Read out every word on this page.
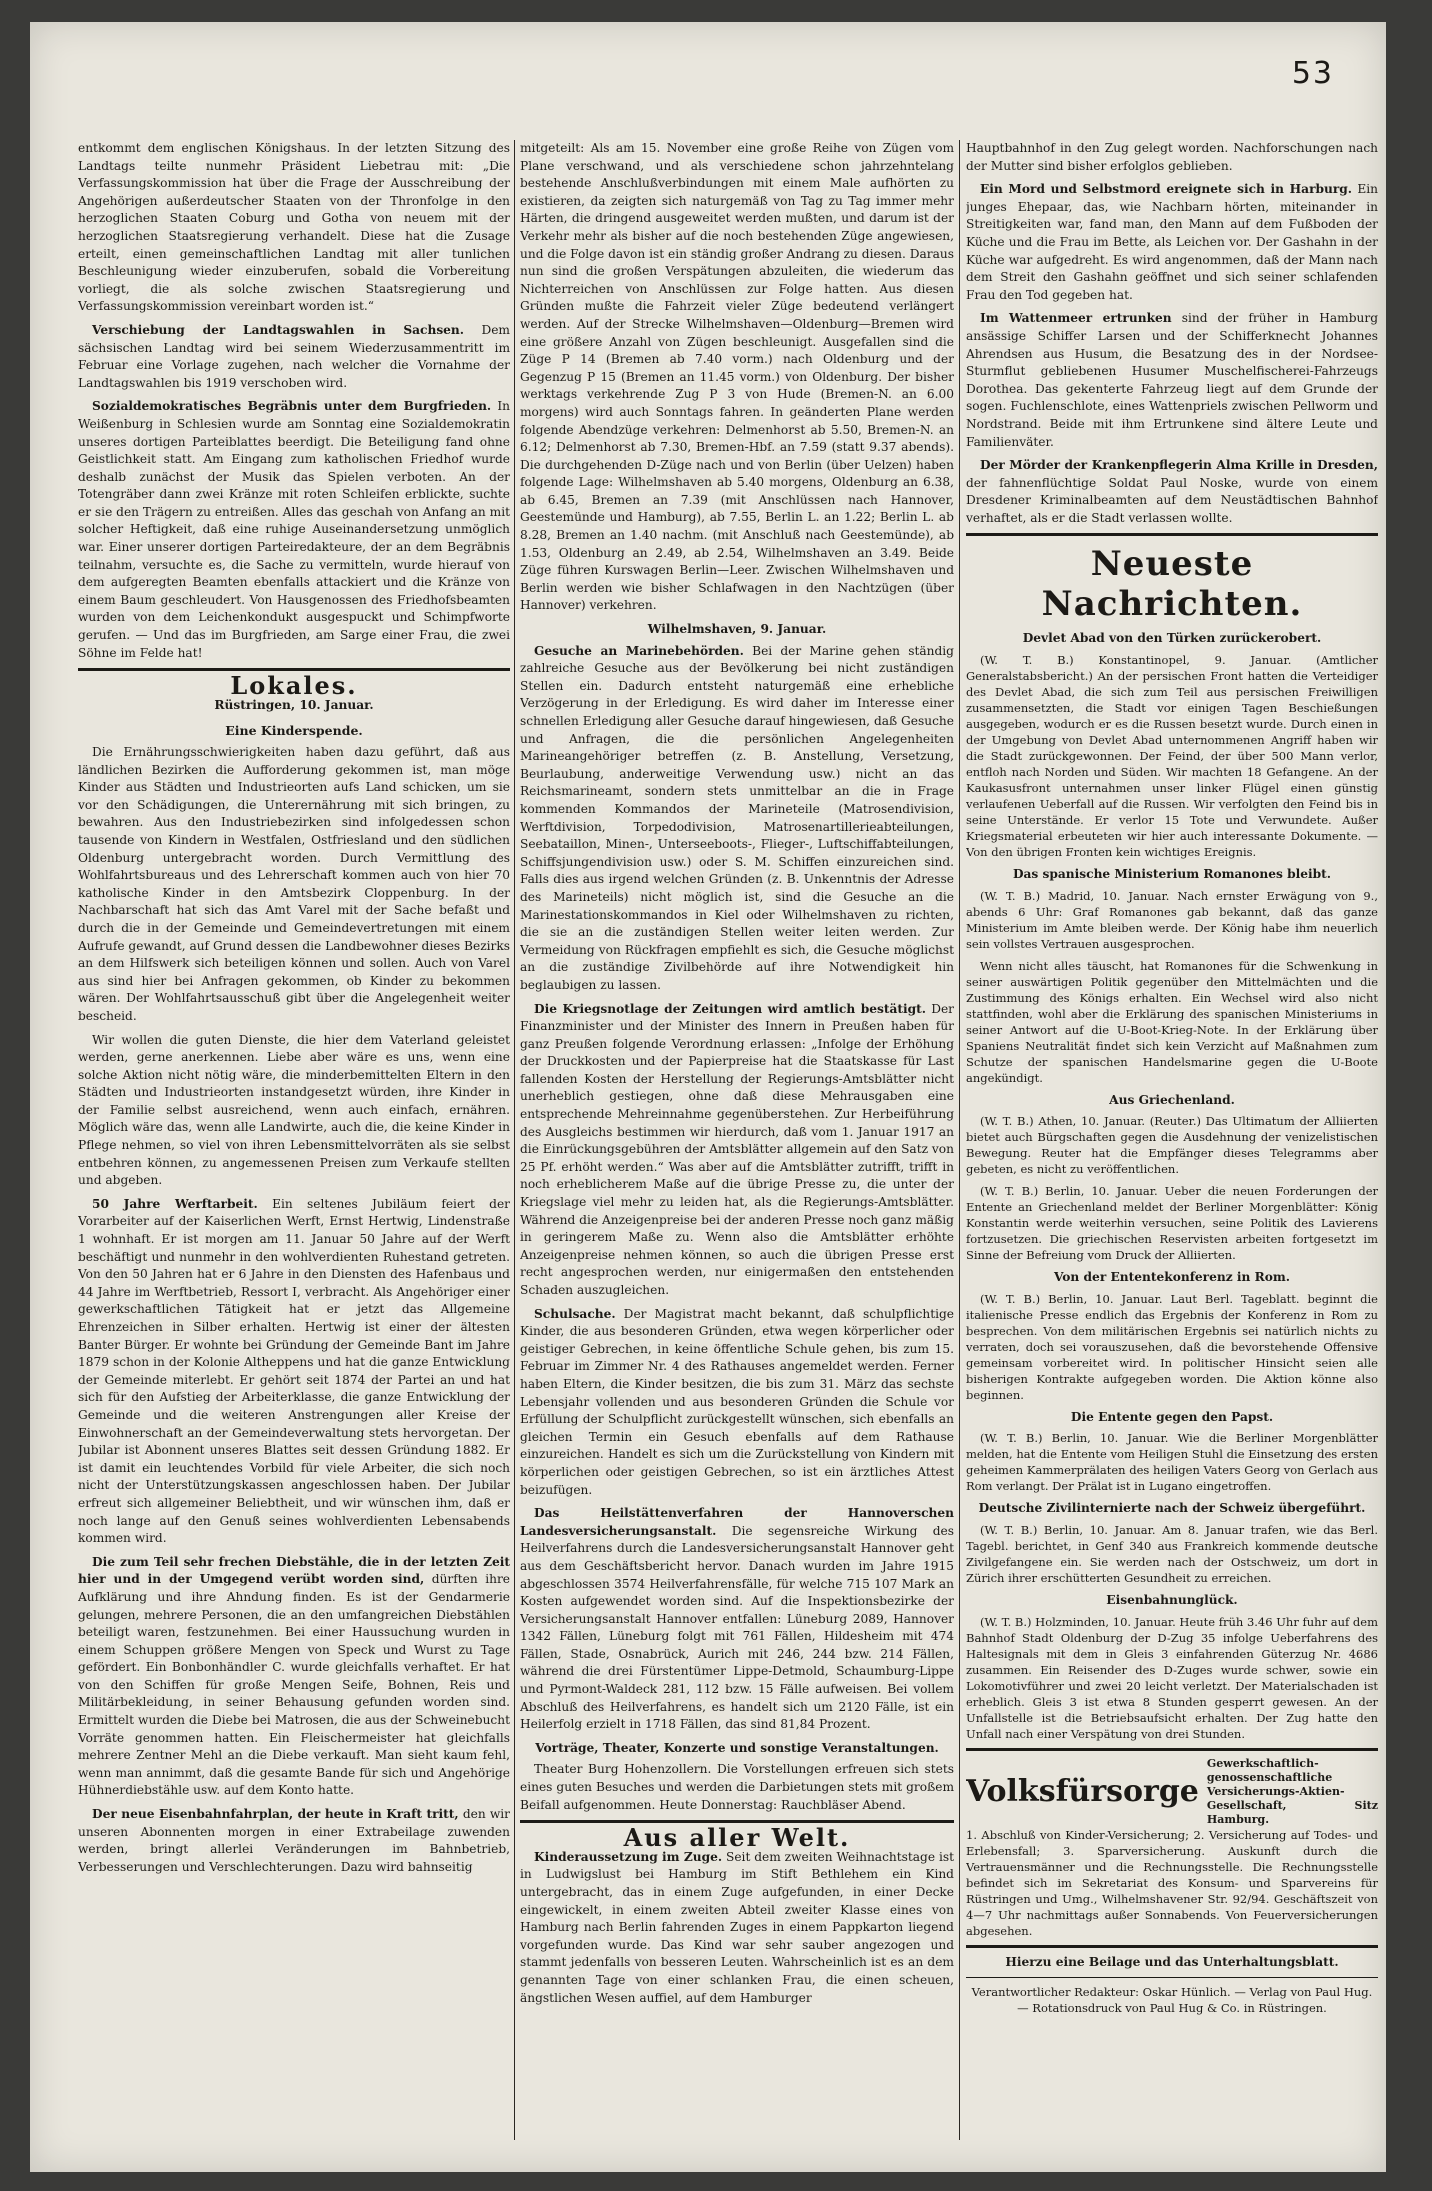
53

entkommt dem englischen Königshaus. In der letzten Sitzung des Landtags teilte nunmehr Präsident Liebetrau mit: „Die Verfassungskommission hat über die Frage der Ausschreibung der Angehörigen außerdeutscher Staaten von der Thronfolge in den herzoglichen Staaten Coburg und Gotha von neuem mit der herzoglichen Staatsregierung verhandelt. Diese hat die Zusage erteilt, einen gemeinschaftlichen Landtag mit aller tunlichen Beschleunigung wieder einzuberufen, sobald die Vorbereitung vorliegt, die als solche zwischen Staatsregierung und Verfassungskommission vereinbart worden ist.“

Verschiebung der Landtagswahlen in Sachsen. Dem sächsischen Landtag wird bei seinem Wiederzusammentritt im Februar eine Vorlage zugehen, nach welcher die Vornahme der Landtagswahlen bis 1919 verschoben wird.

Sozialdemokratisches Begräbnis unter dem Burgfrieden. In Weißenburg in Schlesien wurde am Sonntag eine Sozialdemokratin unseres dortigen Parteiblattes beerdigt. Die Beteiligung fand ohne Geistlichkeit statt. Am Eingang zum katholischen Friedhof wurde deshalb zunächst der Musik das Spielen verboten. An der Totengräber dann zwei Kränze mit roten Schleifen erblickte, suchte er sie den Trägern zu entreißen. Alles das geschah von Anfang an mit solcher Heftigkeit, daß eine ruhige Auseinandersetzung unmöglich war. Einer unserer dortigen Parteiredakteure, der an dem Begräbnis teilnahm, versuchte es, die Sache zu vermitteln, wurde hierauf von dem aufgeregten Beamten ebenfalls attackiert und die Kränze von einem Baum geschleudert. Von Hausgenossen des Friedhofsbeamten wurden von dem Leichenkondukt ausgespuckt und Schimpfworte gerufen. — Und das im Burgfrieden, am Sarge einer Frau, die zwei Söhne im Felde hat!

Lokales.
Rüstringen, 10. Januar.
Eine Kinderspende.

Die Ernährungsschwierigkeiten haben dazu geführt, daß aus ländlichen Bezirken die Aufforderung gekommen ist, man möge Kinder aus Städten und Industrieorten aufs Land schicken, um sie vor den Schädigungen, die Unterernährung mit sich bringen, zu bewahren. Aus den Industriebezirken sind infolgedessen schon tausende von Kindern in Westfalen, Ostfriesland und den südlichen Oldenburg untergebracht worden. Durch Vermittlung des Wohlfahrtsbureaus und des Lehrerschaft kommen auch von hier 70 katholische Kinder in den Amtsbezirk Cloppenburg. In der Nachbarschaft hat sich das Amt Varel mit der Sache befaßt und durch die in der Gemeinde und Gemeindevertretungen mit einem Aufrufe gewandt, auf Grund dessen die Landbewohner dieses Bezirks an dem Hilfswerk sich beteiligen können und sollen. Auch von Varel aus sind hier bei Anfragen gekommen, ob Kinder zu bekommen wären. Der Wohlfahrtsausschuß gibt über die Angelegenheit weiter bescheid.

Wir wollen die guten Dienste, die hier dem Vaterland geleistet werden, gerne anerkennen. Liebe aber wäre es uns, wenn eine solche Aktion nicht nötig wäre, die minderbemittelten Eltern in den Städten und Industrieorten instandgesetzt würden, ihre Kinder in der Familie selbst ausreichend, wenn auch einfach, ernähren. Möglich wäre das, wenn alle Landwirte, auch die, die keine Kinder in Pflege nehmen, so viel von ihren Lebensmittelvorräten als sie selbst entbehren können, zu angemessenen Preisen zum Verkaufe stellten und abgeben.

50 Jahre Werftarbeit. Ein seltenes Jubiläum feiert der Vorarbeiter auf der Kaiserlichen Werft, Ernst Hertwig, Lindenstraße 1 wohnhaft. Er ist morgen am 11. Januar 50 Jahre auf der Werft beschäftigt und nunmehr in den wohlverdienten Ruhestand getreten. Von den 50 Jahren hat er 6 Jahre in den Diensten des Hafenbaus und 44 Jahre im Werftbetrieb, Ressort I, verbracht. Als Angehöriger einer gewerkschaftlichen Tätigkeit hat er jetzt das Allgemeine Ehrenzeichen in Silber erhalten. Hertwig ist einer der ältesten Banter Bürger. Er wohnte bei Gründung der Gemeinde Bant im Jahre 1879 schon in der Kolonie Altheppens und hat die ganze Entwicklung der Gemeinde miterlebt. Er gehört seit 1874 der Partei an und hat sich für den Aufstieg der Arbeiterklasse, die ganze Entwicklung der Gemeinde und die weiteren Anstrengungen aller Kreise der Einwohnerschaft an der Gemeindeverwaltung stets hervorgetan. Der Jubilar ist Abonnent unseres Blattes seit dessen Gründung 1882. Er ist damit ein leuchtendes Vorbild für viele Arbeiter, die sich noch nicht der Unterstützungskassen angeschlossen haben. Der Jubilar erfreut sich allgemeiner Beliebtheit, und wir wünschen ihm, daß er noch lange auf den Genuß seines wohlverdienten Lebensabends kommen wird.

Die zum Teil sehr frechen Diebstähle, die in der letzten Zeit hier und in der Umgegend verübt worden sind, dürften ihre Aufklärung und ihre Ahndung finden. Es ist der Gendarmerie gelungen, mehrere Personen, die an den umfangreichen Diebstählen beteiligt waren, festzunehmen. Bei einer Haussuchung wurden in einem Schuppen größere Mengen von Speck und Wurst zu Tage gefördert. Ein Bonbonhändler C. wurde gleichfalls verhaftet. Er hat von den Schiffen für große Mengen Seife, Bohnen, Reis und Militärbekleidung, in seiner Behausung gefunden worden sind. Ermittelt wurden die Diebe bei Matrosen, die aus der Schweinebucht Vorräte genommen hatten. Ein Fleischermeister hat gleichfalls mehrere Zentner Mehl an die Diebe verkauft. Man sieht kaum fehl, wenn man annimmt, daß die gesamte Bande für sich und Angehörige Hühnerdiebstähle usw. auf dem Konto hatte.

Der neue Eisenbahnfahrplan, der heute in Kraft tritt, den wir unseren Abonnenten morgen in einer Extrabeilage zuwenden werden, bringt allerlei Veränderungen im Bahnbetrieb, Verbesserungen und Verschlechterungen. Dazu wird bahnseitig

mitgeteilt: Als am 15. November eine große Reihe von Zügen vom Plane verschwand, und als verschiedene schon jahrzehntelang bestehende Anschlußverbindungen mit einem Male aufhörten zu existieren, da zeigten sich naturgemäß von Tag zu Tag immer mehr Härten, die dringend ausgeweitet werden mußten, und darum ist der Verkehr mehr als bisher auf die noch bestehenden Züge angewiesen, und die Folge davon ist ein ständig großer Andrang zu diesen. Daraus nun sind die großen Verspätungen abzuleiten, die wiederum das Nichterreichen von Anschlüssen zur Folge hatten. Aus diesen Gründen mußte die Fahrzeit vieler Züge bedeutend verlängert werden. Auf der Strecke Wilhelmshaven—Oldenburg—Bremen wird eine größere Anzahl von Zügen beschleunigt. Ausgefallen sind die Züge P 14 (Bremen ab 7.40 vorm.) nach Oldenburg und der Gegenzug P 15 (Bremen an 11.45 vorm.) von Oldenburg. Der bisher werktags verkehrende Zug P 3 von Hude (Bremen-N. an 6.00 morgens) wird auch Sonntags fahren. In geänderten Plane werden folgende Abendzüge verkehren: Delmenhorst ab 5.50, Bremen-N. an 6.12; Delmenhorst ab 7.30, Bremen-Hbf. an 7.59 (statt 9.37 abends). Die durchgehenden D-Züge nach und von Berlin (über Uelzen) haben folgende Lage: Wilhelmshaven ab 5.40 morgens, Oldenburg an 6.38, ab 6.45, Bremen an 7.39 (mit Anschlüssen nach Hannover, Geestemünde und Hamburg), ab 7.55, Berlin L. an 1.22; Berlin L. ab 8.28, Bremen an 1.40 nachm. (mit Anschluß nach Geestemünde), ab 1.53, Oldenburg an 2.49, ab 2.54, Wilhelmshaven an 3.49. Beide Züge führen Kurswagen Berlin—Leer. Zwischen Wilhelmshaven und Berlin werden wie bisher Schlafwagen in den Nachtzügen (über Hannover) verkehren.

Wilhelmshaven, 9. Januar.

Gesuche an Marinebehörden. Bei der Marine gehen ständig zahlreiche Gesuche aus der Bevölkerung bei nicht zuständigen Stellen ein. Dadurch entsteht naturgemäß eine erhebliche Verzögerung in der Erledigung. Es wird daher im Interesse einer schnellen Erledigung aller Gesuche darauf hingewiesen, daß Gesuche und Anfragen, die die persönlichen Angelegenheiten Marineangehöriger betreffen (z. B. Anstellung, Versetzung, Beurlaubung, anderweitige Verwendung usw.) nicht an das Reichsmarineamt, sondern stets unmittelbar an die in Frage kommenden Kommandos der Marineteile (Matrosendivision, Werftdivision, Torpedodivision, Matrosenartillerieabteilungen, Seebataillon, Minen-, Unterseeboots-, Flieger-, Luftschiffabteilungen, Schiffsjungendivision usw.) oder S. M. Schiffen einzureichen sind. Falls dies aus irgend welchen Gründen (z. B. Unkenntnis der Adresse des Marineteils) nicht möglich ist, sind die Gesuche an die Marinestationskommandos in Kiel oder Wilhelmshaven zu richten, die sie an die zuständigen Stellen weiter leiten werden. Zur Vermeidung von Rückfragen empfiehlt es sich, die Gesuche möglichst an die zuständige Zivilbehörde auf ihre Notwendigkeit hin beglaubigen zu lassen.

Die Kriegsnotlage der Zeitungen wird amtlich bestätigt. Der Finanzminister und der Minister des Innern in Preußen haben für ganz Preußen folgende Verordnung erlassen: „Infolge der Erhöhung der Druckkosten und der Papierpreise hat die Staatskasse für Last fallenden Kosten der Herstellung der Regierungs-Amtsblätter nicht unerheblich gestiegen, ohne daß diese Mehrausgaben eine entsprechende Mehreinnahme gegenüberstehen. Zur Herbeiführung des Ausgleichs bestimmen wir hierdurch, daß vom 1. Januar 1917 an die Einrückungsgebühren der Amtsblätter allgemein auf den Satz von 25 Pf. erhöht werden.“ Was aber auf die Amtsblätter zutrifft, trifft in noch erheblicherem Maße auf die übrige Presse zu, die unter der Kriegslage viel mehr zu leiden hat, als die Regierungs-Amtsblätter. Während die Anzeigenpreise bei der anderen Presse noch ganz mäßig in geringerem Maße zu. Wenn also die Amtsblätter erhöhte Anzeigenpreise nehmen können, so auch die übrigen Presse erst recht angesprochen werden, nur einigermaßen den entstehenden Schaden auszugleichen.

Schulsache. Der Magistrat macht bekannt, daß schulpflichtige Kinder, die aus besonderen Gründen, etwa wegen körperlicher oder geistiger Gebrechen, in keine öffentliche Schule gehen, bis zum 15. Februar im Zimmer Nr. 4 des Rathauses angemeldet werden. Ferner haben Eltern, die Kinder besitzen, die bis zum 31. März das sechste Lebensjahr vollenden und aus besonderen Gründen die Schule vor Erfüllung der Schulpflicht zurückgestellt wünschen, sich ebenfalls an gleichen Termin ein Gesuch ebenfalls auf dem Rathause einzureichen. Handelt es sich um die Zurückstellung von Kindern mit körperlichen oder geistigen Gebrechen, so ist ein ärztliches Attest beizufügen.

Das Heilstättenverfahren der Hannoverschen Landesversicherungsanstalt. Die segensreiche Wirkung des Heilverfahrens durch die Landesversicherungsanstalt Hannover geht aus dem Geschäftsbericht hervor. Danach wurden im Jahre 1915 abgeschlossen 3574 Heilverfahrensfälle, für welche 715 107 Mark an Kosten aufgewendet worden sind. Auf die Inspektionsbezirke der Versicherungsanstalt Hannover entfallen: Lüneburg 2089, Hannover 1342 Fällen, Lüneburg folgt mit 761 Fällen, Hildesheim mit 474 Fällen, Stade, Osnabrück, Aurich mit 246, 244 bzw. 214 Fällen, während die drei Fürstentümer Lippe-Detmold, Schaumburg-Lippe und Pyrmont-Waldeck 281, 112 bzw. 15 Fälle aufweisen. Bei vollem Abschluß des Heilverfahrens, es handelt sich um 2120 Fälle, ist ein Heilerfolg erzielt in 1718 Fällen, das sind 81,84 Prozent.

Vorträge, Theater, Konzerte und sonstige Veranstaltungen.

Theater Burg Hohenzollern. Die Vorstellungen erfreuen sich stets eines guten Besuches und werden die Darbietungen stets mit großem Beifall aufgenommen. Heute Donnerstag: Rauchbläser Abend.

Aus aller Welt.

Kinderaussetzung im Zuge. Seit dem zweiten Weihnachtstage ist in Ludwigslust bei Hamburg im Stift Bethlehem ein Kind untergebracht, das in einem Zuge aufgefunden, in einer Decke eingewickelt, in einem zweiten Abteil zweiter Klasse eines von Hamburg nach Berlin fahrenden Zuges in einem Pappkarton liegend vorgefunden wurde. Das Kind war sehr sauber angezogen und stammt jedenfalls von besseren Leuten. Wahrscheinlich ist es an dem genannten Tage von einer schlanken Frau, die einen scheuen, ängstlichen Wesen auffiel, auf dem Hamburger

Hauptbahnhof in den Zug gelegt worden. Nachforschungen nach der Mutter sind bisher erfolglos geblieben.

Ein Mord und Selbstmord ereignete sich in Harburg. Ein junges Ehepaar, das, wie Nachbarn hörten, miteinander in Streitigkeiten war, fand man, den Mann auf dem Fußboden der Küche und die Frau im Bette, als Leichen vor. Der Gashahn in der Küche war aufgedreht. Es wird angenommen, daß der Mann nach dem Streit den Gashahn geöffnet und sich seiner schlafenden Frau den Tod gegeben hat.

Im Wattenmeer ertrunken sind der früher in Hamburg ansässige Schiffer Larsen und der Schifferknecht Johannes Ahrendsen aus Husum, die Besatzung des in der Nordsee-Sturmflut gebliebenen Husumer Muschelfischerei-Fahrzeugs Dorothea. Das gekenterte Fahrzeug liegt auf dem Grunde der sogen. Fuchlenschlote, eines Wattenpriels zwischen Pellworm und Nordstrand. Beide mit ihm Ertrunkene sind ältere Leute und Familienväter.

Der Mörder der Krankenpflegerin Alma Krille in Dresden, der fahnenflüchtige Soldat Paul Noske, wurde von einem Dresdener Kriminalbeamten auf dem Neustädtischen Bahnhof verhaftet, als er die Stadt verlassen wollte.

Neueste Nachrichten.
Devlet Abad von den Türken zurückerobert.

(W. T. B.) Konstantinopel, 9. Januar. (Amtlicher Generalstabsbericht.) An der persischen Front hatten die Verteidiger des Devlet Abad, die sich zum Teil aus persischen Freiwilligen zusammensetzten, die Stadt vor einigen Tagen Beschießungen ausgegeben, wodurch er es die Russen besetzt wurde. Durch einen in der Umgebung von Devlet Abad unternommenen Angriff haben wir die Stadt zurückgewonnen. Der Feind, der über 500 Mann verlor, entfloh nach Norden und Süden. Wir machten 18 Gefangene. An der Kaukasusfront unternahmen unser linker Flügel einen günstig verlaufenen Ueberfall auf die Russen. Wir verfolgten den Feind bis in seine Unterstände. Er verlor 15 Tote und Verwundete. Außer Kriegsmaterial erbeuteten wir hier auch interessante Dokumente. — Von den übrigen Fronten kein wichtiges Ereignis.

Das spanische Ministerium Romanones bleibt.

(W. T. B.) Madrid, 10. Januar. Nach ernster Erwägung von 9., abends 6 Uhr: Graf Romanones gab bekannt, daß das ganze Ministerium im Amte bleiben werde. Der König habe ihm neuerlich sein vollstes Vertrauen ausgesprochen.

Wenn nicht alles täuscht, hat Romanones für die Schwenkung in seiner auswärtigen Politik gegenüber den Mittelmächten und die Zustimmung des Königs erhalten. Ein Wechsel wird also nicht stattfinden, wohl aber die Erklärung des spanischen Ministeriums in seiner Antwort auf die U-Boot-Krieg-Note. In der Erklärung über Spaniens Neutralität findet sich kein Verzicht auf Maßnahmen zum Schutze der spanischen Handelsmarine gegen die U-Boote angekündigt.

Aus Griechenland.

(W. T. B.) Athen, 10. Januar. (Reuter.) Das Ultimatum der Alliierten bietet auch Bürgschaften gegen die Ausdehnung der venizelistischen Bewegung. Reuter hat die Empfänger dieses Telegramms aber gebeten, es nicht zu veröffentlichen.

(W. T. B.) Berlin, 10. Januar. Ueber die neuen Forderungen der Entente an Griechenland meldet der Berliner Morgenblätter: König Konstantin werde weiterhin versuchen, seine Politik des Lavierens fortzusetzen. Die griechischen Reservisten arbeiten fortgesetzt im Sinne der Befreiung vom Druck der Alliierten.

Von der Ententekonferenz in Rom.

(W. T. B.) Berlin, 10. Januar. Laut Berl. Tageblatt. beginnt die italienische Presse endlich das Ergebnis der Konferenz in Rom zu besprechen. Von dem militärischen Ergebnis sei natürlich nichts zu verraten, doch sei vorauszusehen, daß die bevorstehende Offensive gemeinsam vorbereitet wird. In politischer Hinsicht seien alle bisherigen Kontrakte aufgegeben worden. Die Aktion könne also beginnen.

Die Entente gegen den Papst.

(W. T. B.) Berlin, 10. Januar. Wie die Berliner Morgenblätter melden, hat die Entente vom Heiligen Stuhl die Einsetzung des ersten geheimen Kammerprälaten des heiligen Vaters Georg von Gerlach aus Rom verlangt. Der Prälat ist in Lugano eingetroffen.

Deutsche Zivilinternierte nach der Schweiz übergeführt.

(W. T. B.) Berlin, 10. Januar. Am 8. Januar trafen, wie das Berl. Tagebl. berichtet, in Genf 340 aus Frankreich kommende deutsche Zivilgefangene ein. Sie werden nach der Ostschweiz, um dort in Zürich ihrer erschütterten Gesundheit zu erreichen.

Eisenbahnunglück.

(W. T. B.) Holzminden, 10. Januar. Heute früh 3.46 Uhr fuhr auf dem Bahnhof Stadt Oldenburg der D-Zug 35 infolge Ueberfahrens des Haltesignals mit dem in Gleis 3 einfahrenden Güterzug Nr. 4686 zusammen. Ein Reisender des D-Zuges wurde schwer, sowie ein Lokomotivführer und zwei 20 leicht verletzt. Der Materialschaden ist erheblich. Gleis 3 ist etwa 8 Stunden gesperrt gewesen. An der Unfallstelle ist die Betriebsaufsicht erhalten. Der Zug hatte den Unfall nach einer Verspätung von drei Stunden.

Volksfürsorge
Gewerkschaftlich-genossenschaftliche Versicherungs-Aktien-Gesellschaft, Sitz Hamburg.

1. Abschluß von Kinder-Versicherung; 2. Versicherung auf Todes- und Erlebensfall; 3. Sparversicherung. Auskunft durch die Vertrauensmänner und die Rechnungsstelle. Die Rechnungsstelle befindet sich im Sekretariat des Konsum- und Sparvereins für Rüstringen und Umg., Wilhelmshavener Str. 92/94. Geschäftszeit von 4—7 Uhr nachmittags außer Sonnabends. Von Feuerversicherungen abgesehen.

Hierzu eine Beilage und das Unterhaltungsblatt.
Verantwortlicher Redakteur: Oskar Hünlich. — Verlag von Paul Hug. — Rotationsdruck von Paul Hug & Co. in Rüstringen.
